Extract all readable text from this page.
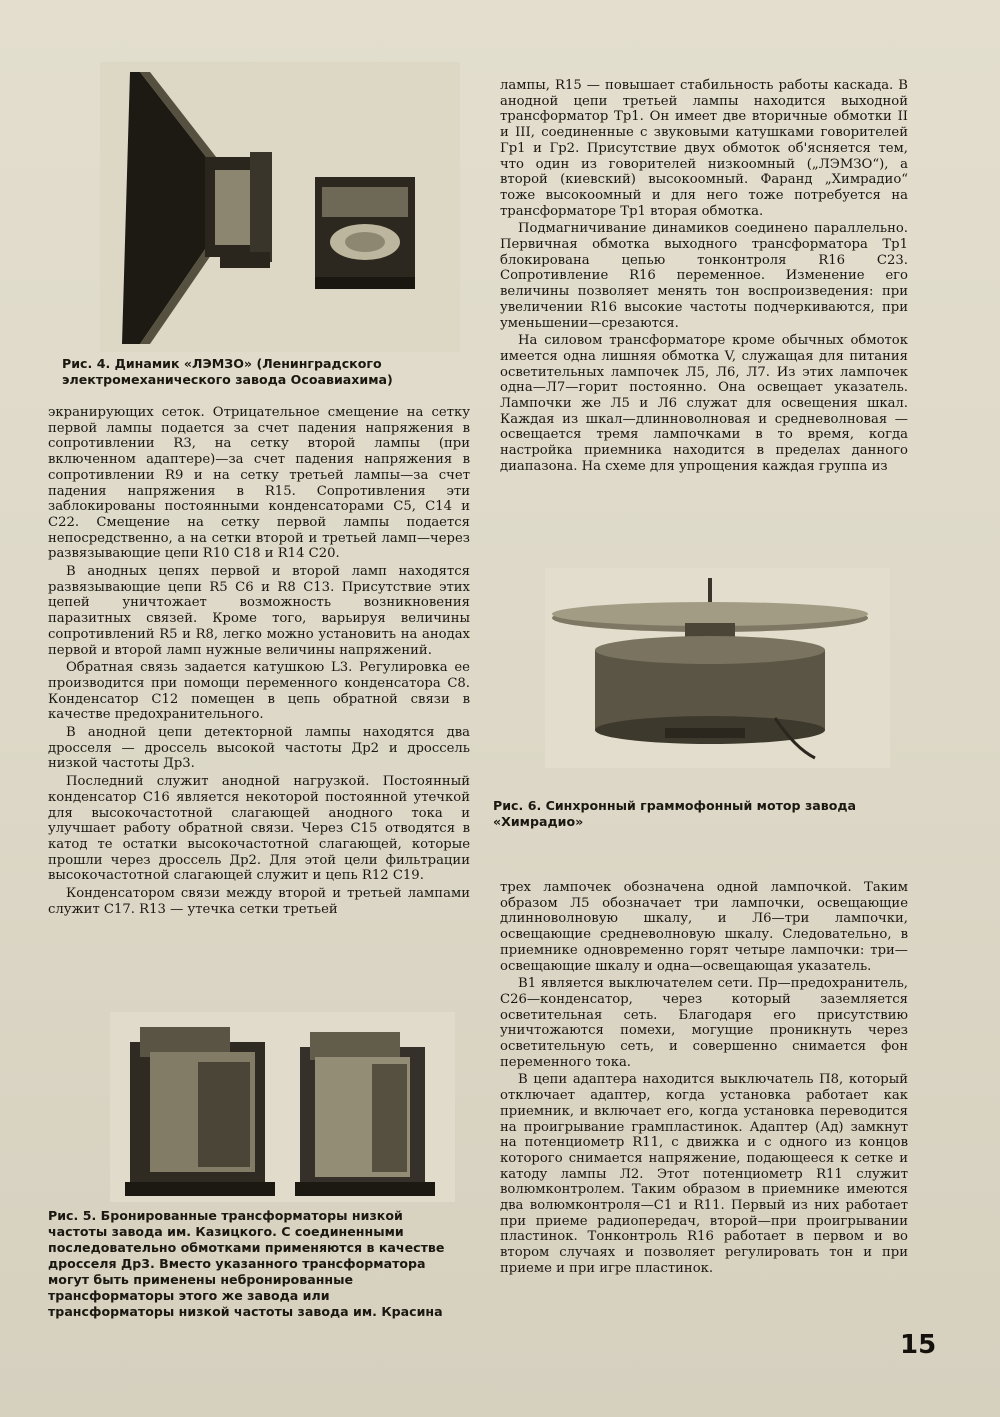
Рис. 4. Динамик «ЛЭМЗО» (Ленинградского электромеханического завода Осоавиахима)

экранирующих сеток. Отрицательное смещение на сетку первой лампы подается за счет падения напряжения в сопротивлении R3, на сетку второй лампы (при включенном адаптере)—за счет падения напряжения в сопротивлении R9 и на сетку третьей лампы—за счет падения напряжения в R15. Сопротивления эти заблокированы постоянными конденсаторами C5, C14 и C22. Смещение на сетку первой лампы подается непосредственно, а на сетки второй и третьей ламп—через развязывающие цепи R10 C18 и R14 C20.

В анодных цепях первой и второй ламп находятся развязывающие цепи R5 C6 и R8 C13. Присутствие этих цепей уничтожает возможность возникновения паразитных связей. Кроме того, варьируя величины сопротивлений R5 и R8, легко можно установить на анодах первой и второй ламп нужные величины напряжений.

Обратная связь задается катушкою L3. Регулировка ее производится при помощи переменного конденсатора C8. Конденсатор C12 помещен в цепь обратной связи в качестве предохранительного.

В анодной цепи детекторной лампы находятся два дросселя — дроссель высокой частоты Др2 и дроссель низкой частоты Др3.

Последний служит анодной нагрузкой. Постоянный конденсатор C16 является некоторой постоянной утечкой для высокочастотной слагающей анодного тока и улучшает работу обратной связи. Через C15 отводятся в катод те остатки высокочастотной слагающей, которые прошли через дроссель Др2. Для этой цели фильтрации высокочастотной слагающей служит и цепь R12 C19.

Конденсатором связи между второй и третьей лампами служит C17. R13 — утечка сетки третьей

Рис. 5. Бронированные трансформаторы низкой частоты завода им. Казицкого. С соединенными последовательно обмотками применяются в качестве дросселя Др3. Вместо указанного трансформатора могут быть применены небронированные трансформаторы этого же завода или трансформаторы низкой частоты завода им. Красина

лампы, R15 — повышает стабильность работы каскада. В анодной цепи третьей лампы находится выходной трансформатор Тр1. Он имеет две вторичные обмотки II и III, соединенные с звуковыми катушками говорителей Гр1 и Гр2. Присутствие двух обмоток об'ясняется тем, что один из говорителей низкоомный („ЛЭМЗО“), а второй (киевский) высокоомный. Фаранд „Химрадио“ тоже высокоомный и для него тоже потребуется на трансформаторе Тр1 вторая обмотка.

Подмагничивание динамиков соединено параллельно. Первичная обмотка выходного трансформатора Тр1 блокирована цепью тонконтроля R16 C23. Сопротивление R16 переменное. Изменение его величины позволяет менять тон воспроизведения: при увеличении R16 высокие частоты подчеркиваются, при уменьшении—срезаются.

На силовом трансформаторе кроме обычных обмоток имеется одна лишняя обмотка V, служащая для питания осветительных лампочек Л5, Л6, Л7. Из этих лампочек одна—Л7—горит постоянно. Она освещает указатель. Лампочки же Л5 и Л6 служат для освещения шкал. Каждая из шкал—длинноволновая и средневолновая — освещается тремя лампочками в то время, когда настройка приемника находится в пределах данного диапазона. На схеме для упрощения каждая группа из

Рис. 6. Синхронный граммофонный мотор завода «Химрадио»

трех лампочек обозначена одной лампочкой. Таким образом Л5 обозначает три лампочки, освещающие длинноволновую шкалу, и Л6—три лампочки, освещающие средневолновую шкалу. Следовательно, в приемнике одновременно горят четыре лампочки: три—освещающие шкалу и одна—освещающая указатель.

B1 является выключателем сети. Пр—предохранитель, C26—конденсатор, через который заземляется осветительная сеть. Благодаря его присутствию уничтожаются помехи, могущие проникнуть через осветительную сеть, и совершенно снимается фон переменного тока.

В цепи адаптера находится выключатель П8, который отключает адаптер, когда установка работает как приемник, и включает его, когда установка переводится на проигрывание грампластинок. Адаптер (Ад) замкнут на потенциометр R11, с движка и с одного из концов которого снимается напряжение, подающееся к сетке и катоду лампы Л2. Этот потенциометр R11 служит волюмконтролем. Таким образом в приемнике имеются два волюмконтроля—C1 и R11. Первый из них работает при приеме радиопередач, второй—при проигрывании пластинок. Тонконтроль R16 работает в первом и во втором случаях и позволяет регулировать тон и при приеме и при игре пластинок.

15
